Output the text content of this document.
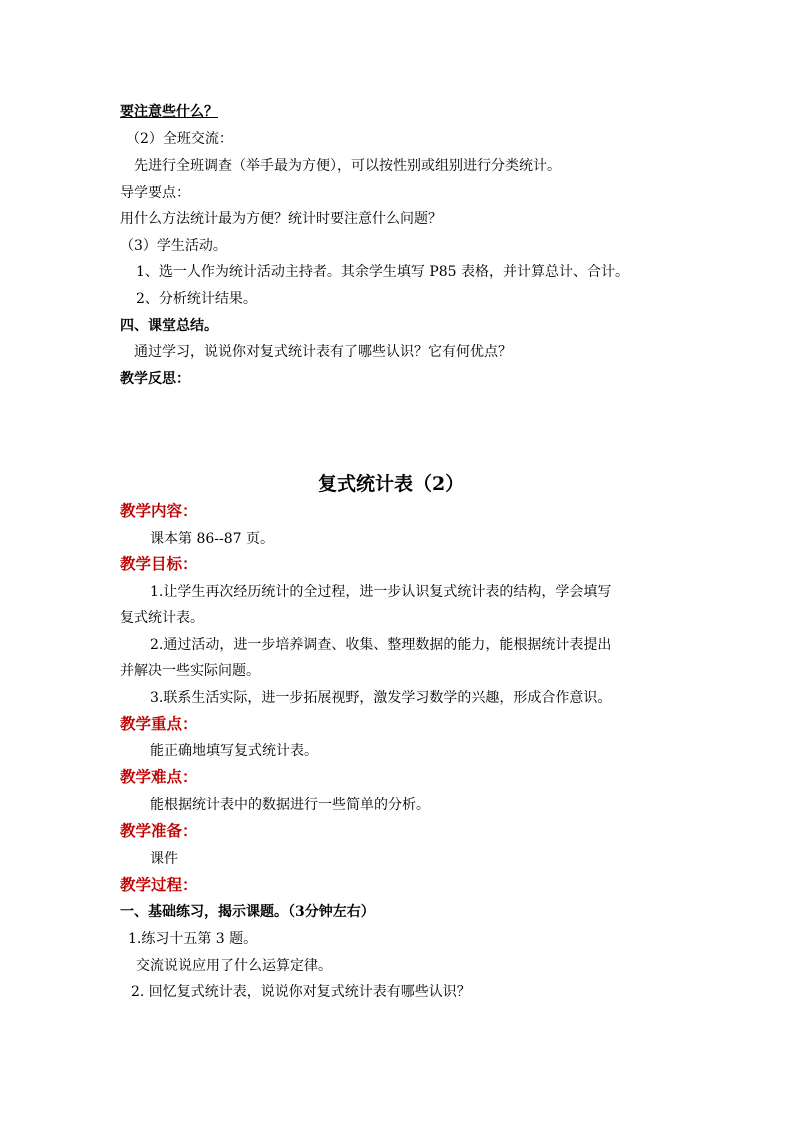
要注意些什么？
（2）全班交流：
先进行全班调查（举手最为方便），可以按性别或组别进行分类统计。
导学要点：
用什么方法统计最为方便？统计时要注意什么问题？
（3）学生活动。
1、选一人作为统计活动主持者。其余学生填写 P85 表格，并计算总计、合计。
2、分析统计结果。
四、课堂总结。
通过学习，说说你对复式统计表有了哪些认识？它有何优点？
教学反思：
复式统计表（2）
教学内容：
课本第 86--87 页。
教学目标：
1.让学生再次经历统计的全过程，进一步认识复式统计表的结构，学会填写
复式统计表。
2.通过活动，进一步培养调查、收集、整理数据的能力，能根据统计表提出
并解决一些实际问题。
3.联系生活实际，进一步拓展视野，激发学习数学的兴趣，形成合作意识。
教学重点：
能正确地填写复式统计表。
教学难点：
能根据统计表中的数据进行一些简单的分析。
教学准备：
课件
教学过程：
一、基础练习，揭示课题。（3分钟左右）
1.练习十五第 3 题。
交流说说应用了什么运算定律。
2. 回忆复式统计表，说说你对复式统计表有哪些认识？
